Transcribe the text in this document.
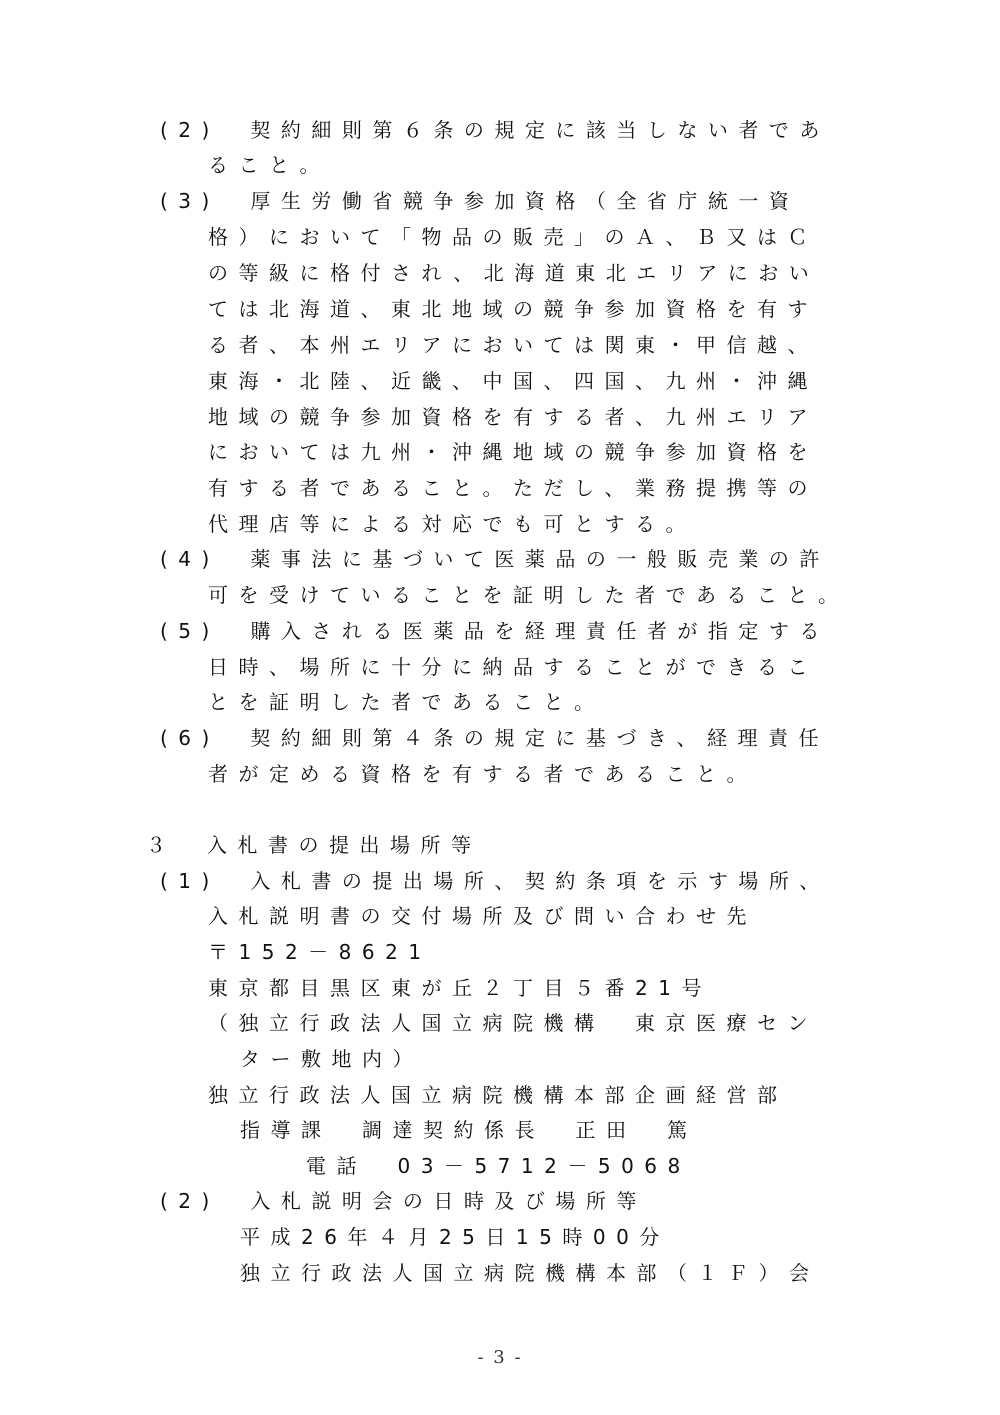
(2)　契約細則第６条の規定に該当しない者であ
ること。
(3)　厚生労働省競争参加資格（全省庁統一資
格）において「物品の販売」のＡ、Ｂ又はＣ
の等級に格付され、北海道東北エリアにおい
ては北海道、東北地域の競争参加資格を有す
る者、本州エリアにおいては関東・甲信越、
東海・北陸、近畿、中国、四国、九州・沖縄
地域の競争参加資格を有する者、九州エリア
においては九州・沖縄地域の競争参加資格を
有する者であること。ただし、業務提携等の
代理店等による対応でも可とする。
(4)　薬事法に基づいて医薬品の一般販売業の許
可を受けていることを証明した者であること。
(5)　購入される医薬品を経理責任者が指定する
日時、場所に十分に納品することができるこ
とを証明した者であること。
(6)　契約細則第４条の規定に基づき、経理責任
者が定める資格を有する者であること。
３　入札書の提出場所等
(1)　入札書の提出場所、契約条項を示す場所、
入札説明書の交付場所及び問い合わせ先
〒152－8621
東京都目黒区東が丘２丁目５番21号
（独立行政法人国立病院機構　東京医療セン
ター敷地内）
独立行政法人国立病院機構本部企画経営部
指導課　調達契約係長　正田　篤
電話　03－5712－5068
(2)　入札説明会の日時及び場所等
平成26年４月25日15時00分
独立行政法人国立病院機構本部（１Ｆ）会
- 3 -
